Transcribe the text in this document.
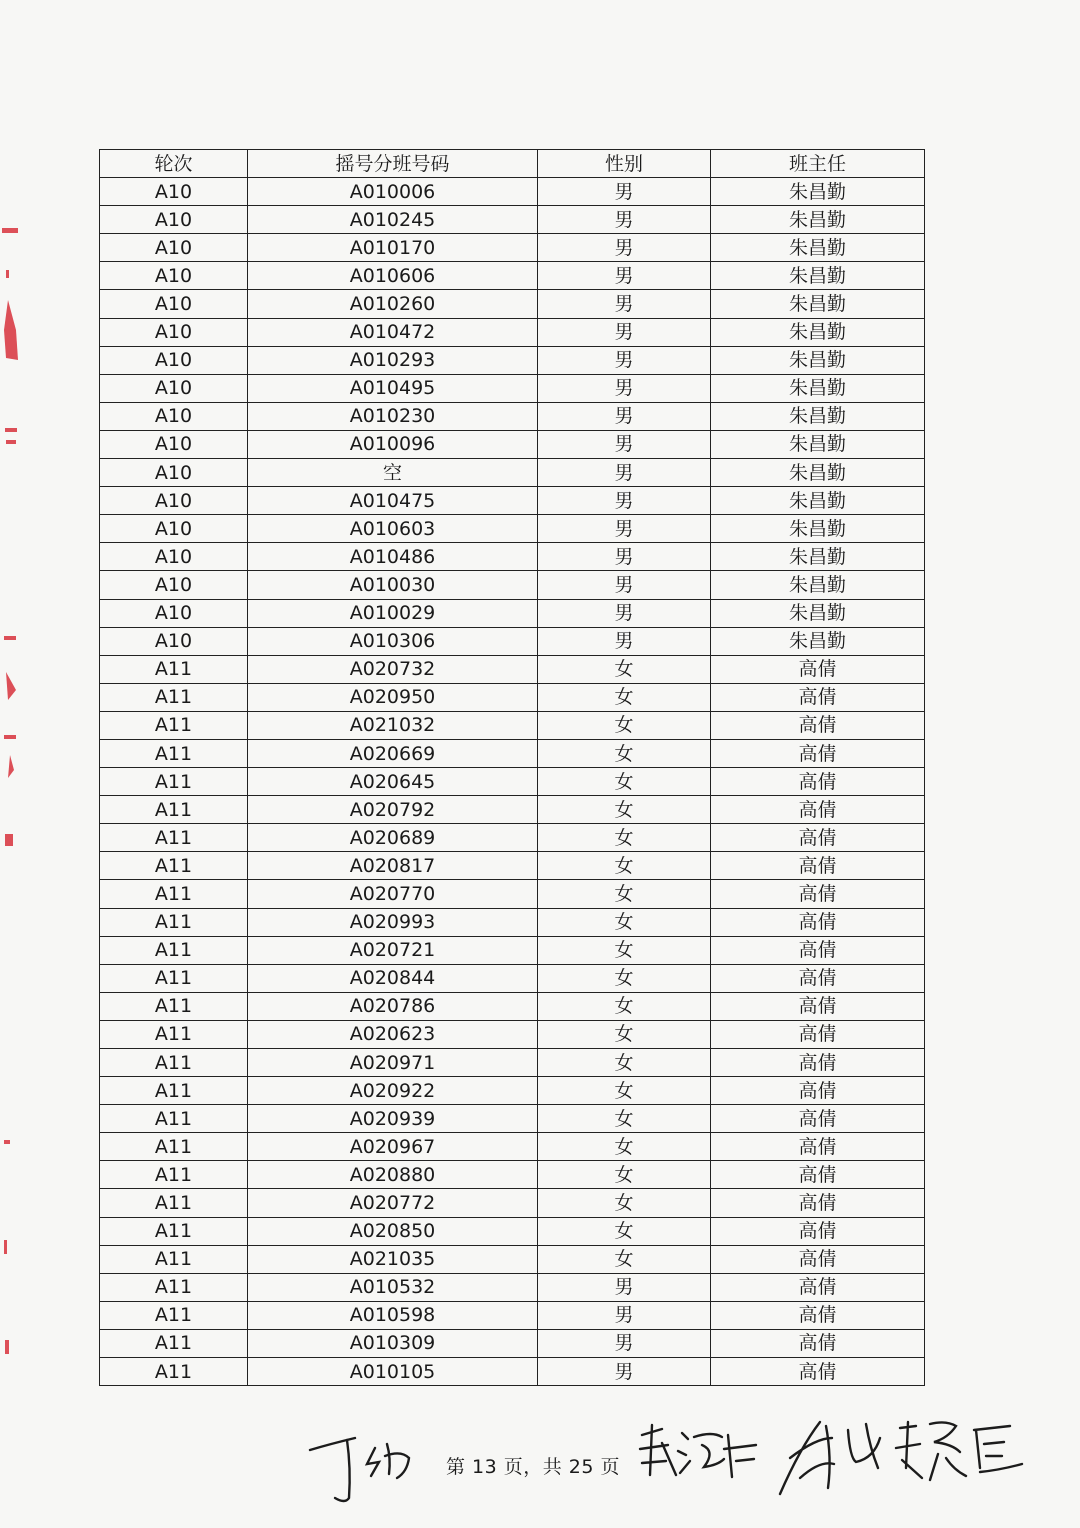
轮次	摇号分班号码	性别	班主任
A10	A010006	男	朱昌勤
A10	A010245	男	朱昌勤
A10	A010170	男	朱昌勤
A10	A010606	男	朱昌勤
A10	A010260	男	朱昌勤
A10	A010472	男	朱昌勤
A10	A010293	男	朱昌勤
A10	A010495	男	朱昌勤
A10	A010230	男	朱昌勤
A10	A010096	男	朱昌勤
A10	空	男	朱昌勤
A10	A010475	男	朱昌勤
A10	A010603	男	朱昌勤
A10	A010486	男	朱昌勤
A10	A010030	男	朱昌勤
A10	A010029	男	朱昌勤
A10	A010306	男	朱昌勤
A11	A020732	女	高倩
A11	A020950	女	高倩
A11	A021032	女	高倩
A11	A020669	女	高倩
A11	A020645	女	高倩
A11	A020792	女	高倩
A11	A020689	女	高倩
A11	A020817	女	高倩
A11	A020770	女	高倩
A11	A020993	女	高倩
A11	A020721	女	高倩
A11	A020844	女	高倩
A11	A020786	女	高倩
A11	A020623	女	高倩
A11	A020971	女	高倩
A11	A020922	女	高倩
A11	A020939	女	高倩
A11	A020967	女	高倩
A11	A020880	女	高倩
A11	A020772	女	高倩
A11	A020850	女	高倩
A11	A021035	女	高倩
A11	A010532	男	高倩
A11	A010598	男	高倩
A11	A010309	男	高倩
A11	A010105	男	高倩
第 13 页，共 25 页
